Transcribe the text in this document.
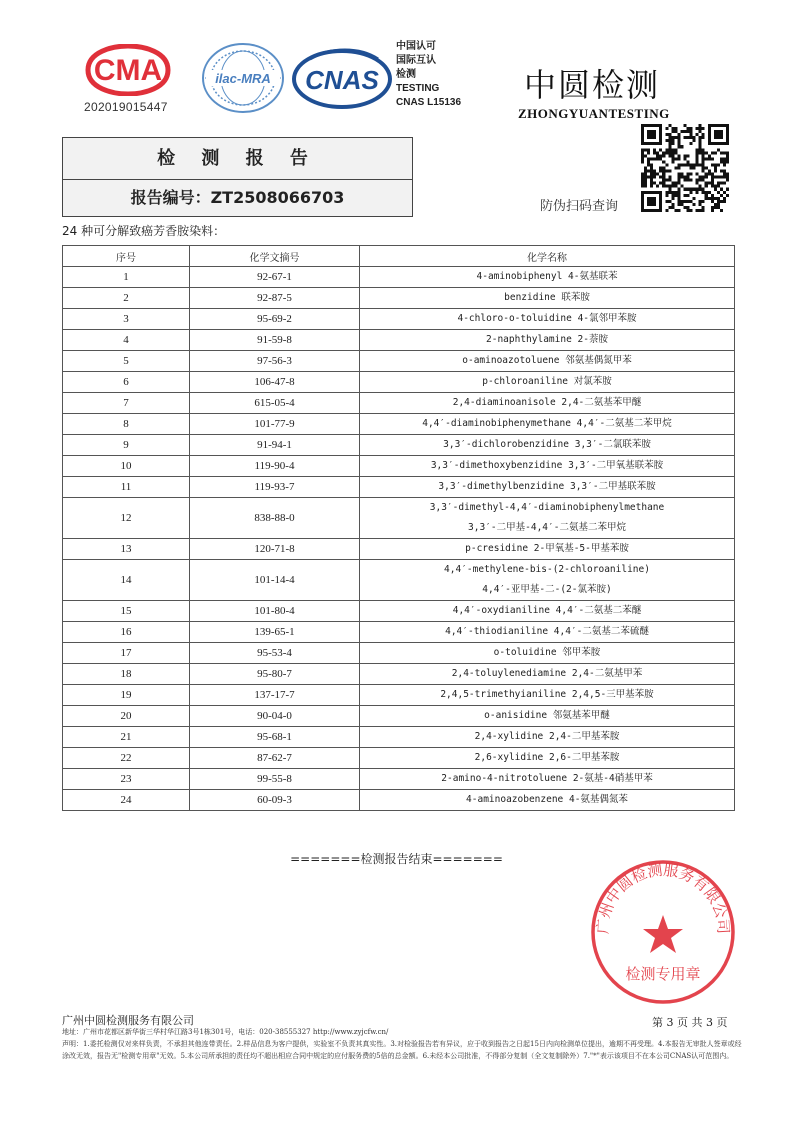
CMA
202019015447
ilac-MRA CNAS
中国认可
国际互认
检测
TESTING
CNAS L15136 中圆检测
ZHONGYUANTESTING
防伪扫码查询
检 测 报 告
报告编号：ZT2508066703
24 种可分解致癌芳香胺染料：
序号	化学文摘号	化学名称
1	92-67-1	4-aminobiphenyl 4-氨基联苯

2	92-87-5	benzidine 联苯胺

3	95-69-2	4-chloro-o-toluidine 4-氯邻甲苯胺

4	91-59-8	2-naphthylamine 2-萘胺

5	97-56-3	o-aminoazotoluene 邻氨基偶氮甲苯

6	106-47-8	p-chloroaniline 对氯苯胺

7	615-05-4	2,4-diaminoanisole 2,4-二氨基苯甲醚

8	101-77-9	4,4′-diaminobiphenymethane 4,4′-二氨基二苯甲烷

9	91-94-1	3,3′-dichlorobenzidine 3,3′-二氯联苯胺

10	119-90-4	3,3′-dimethoxybenzidine 3,3′-二甲氧基联苯胺

11	119-93-7	3,3′-dimethylbenzidine 3,3′-二甲基联苯胺

12	838-88-0	3,3′-dimethyl-4,4′-diaminobiphenylmethane
3,3′-二甲基-4,4′-二氨基二苯甲烷

13	120-71-8	p-cresidine 2-甲氧基-5-甲基苯胺

14	101-14-4	4,4′-methylene-bis-(2-chloroaniline)
4,4′-亚甲基-二-(2-氯苯胺)

15	101-80-4	4,4′-oxydianiline 4,4′-二氨基二苯醚

16	139-65-1	4,4′-thiodianiline 4,4′-二氨基二苯硫醚

17	95-53-4	o-toluidine 邻甲苯胺

18	95-80-7	2,4-toluylenediamine 2,4-二氨基甲苯

19	137-17-7	2,4,5-trimethyianiline 2,4,5-三甲基苯胺

20	90-04-0	o-anisidine 邻氨基苯甲醚

21	95-68-1	2,4-xylidine 2,4-二甲基苯胺

22	87-62-7	2,6-xylidine 2,6-二甲基苯胺

23	99-55-8	2-amino-4-nitrotoluene 2-氨基-4硝基甲苯

24	60-09-3	4-aminoazobenzene 4-氨基偶氮苯
=======检测报告结束=======
广州中圆检测服务有限公司
检测专用章
广州中圆检测服务有限公司
地址：广州市花都区新华街三华村华江路3号1栋301号，电话：020-38555327 http://www.zyjcfw.cn/
第 3 页 共 3 页
声明：1.委托检测仅对来样负责，不承担其他连带责任。2.样品信息为客户提供，实验室不负责其真实性。3.对检验报告若有异议，应于收到报告之日起15日内向检测单位提出，逾期不再受理。4.本报告无审批人签章或经涂改无效，报告无"检测专用章"无效。5.本公司所承担的责任均不超出相应合同中规定的应付服务费的5倍的总金额。6.未经本公司批准，不得部分复制（全文复制除外）7."*"表示该项目不在本公司CNAS认可范围内。
